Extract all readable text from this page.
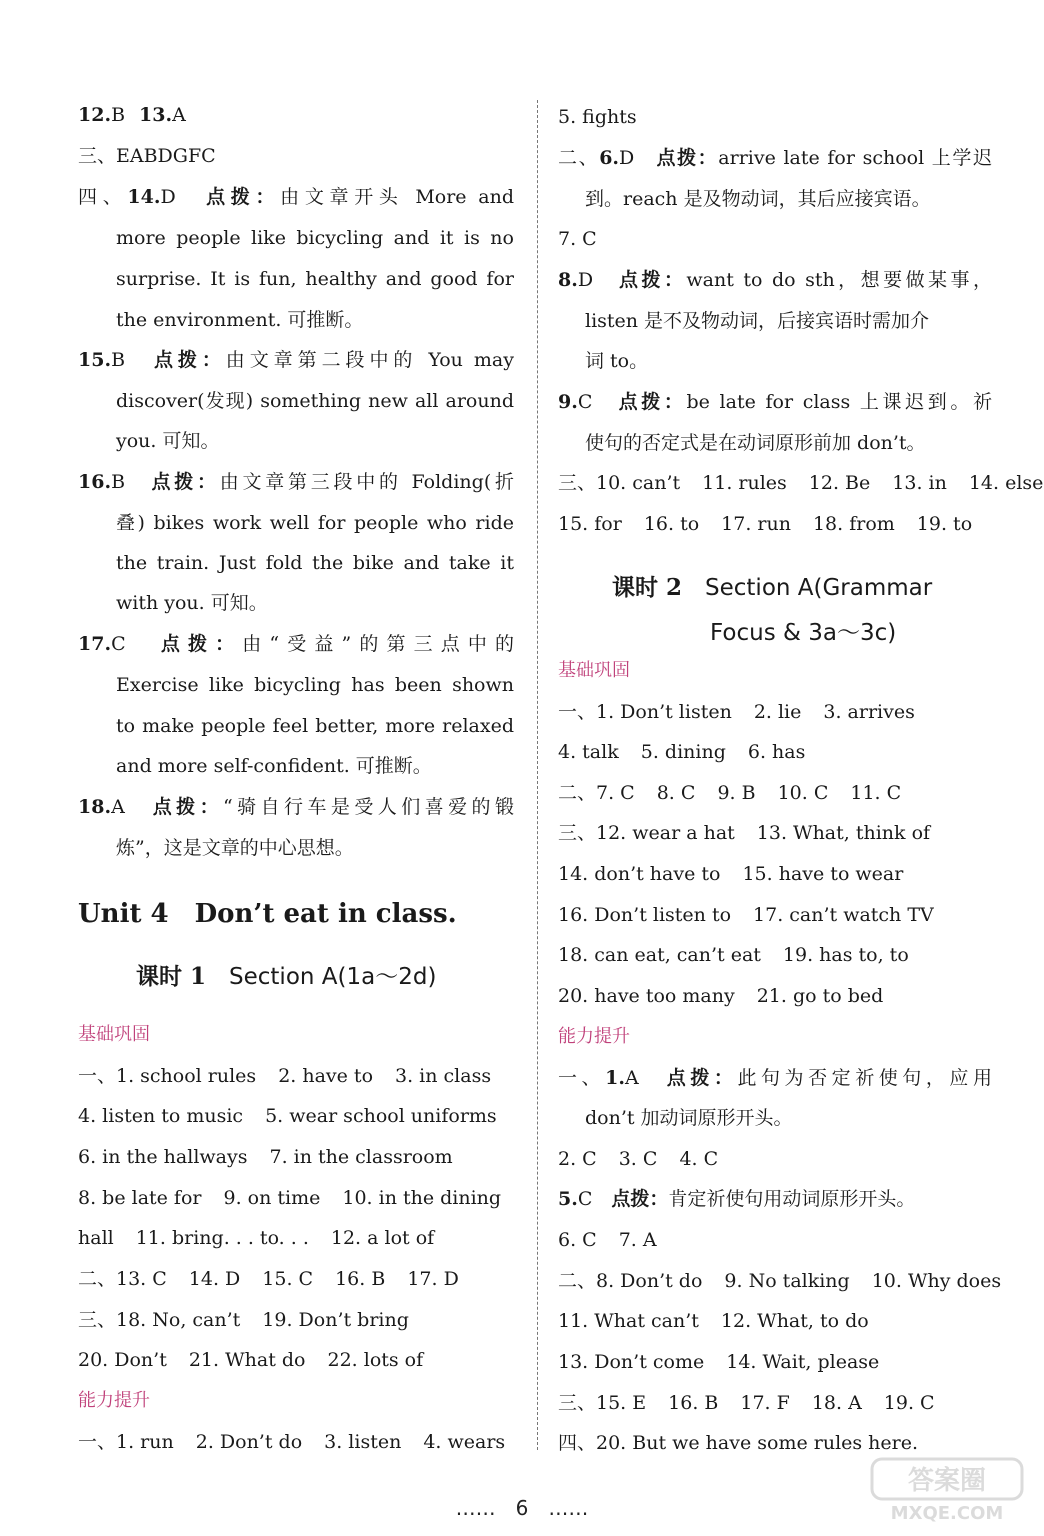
12.B 13.A
三、EABDGFC
四、14.D　 点拨：由文章开头 More and
more people like bicycling and it is no
surprise. It is fun, healthy and good for
the environment. 可推断。
15.B　 点拨：由文章第二段中的 You may
discover(发现) something new all around
you. 可知。
16.B　 点拨：由文章第三段中的 Folding(折
叠) bikes work well for people who ride
the train. Just fold the bike and take it
with you. 可知。
17.C　 点拨：由“受益”的第三点中的
Exercise like bicycling has been shown
to make people feel better, more relaxed
and more self-confident. 可推断。
18.A　 点拨：“骑自行车是受人们喜爱的锻
炼”，这是文章的中心思想。
Unit 4　Don’t eat in class.
课时 1　 Section A(1a～2d)
基础巩固
一、1. school rules 2. have to 3. in class
4. listen to music 5. wear school uniforms
6. in the hallways 7. in the classroom
8. be late for 9. on time 10. in the dining
hall 11. bring. . . to. . . 12. a lot of
二、13. C 14. D 15. C 16. B 17. D
三、18. No, can’t 19. Don’t bring
20. Don’t 21. What do 22. lots of
能力提升
一、1. run 2. Don’t do 3. listen 4. wears
5. fights
二、6.D　 点拨：arrive late for school 上学迟
到。reach 是及物动词，其后应接宾语。
7. C
8.D　 点拨：want to do sth，想要做某事，
listen 是不及物动词，后接宾语时需加介
词 to。
9.C　 点拨：be late for class 上课迟到。祈
使句的否定式是在动词原形前加 don’t。
三、10. can’t 11. rules 12. Be 13. in 14. else
15. for 16. to 17. run 18. from 19. to
课时 2　 Section A(Grammar
Focus & 3a～3c)
基础巩固
一、1. Don’t listen 2. lie 3. arrives
4. talk 5. dining 6. has
二、7. C 8. C 9. B 10. C 11. C
三、12. wear a hat 13. What, think of
14. don’t have to 15. have to wear
16. Don’t listen to 17. can’t watch TV
18. can eat, can’t eat 19. has to, to
20. have too many 21. go to bed
能力提升
一、1.A　 点拨：此句为否定祈使句，应用
don’t 加动词原形开头。
2. C 3. C 4. C
5.C　 点拨：肯定祈使句用动词原形开头。
6. C 7. A
二、8. Don’t do 9. No talking 10. Why does
11. What can’t 12. What, to do
13. Don’t come 14. Wait, please
三、15. E 16. B 17. F 18. A 19. C
四、20. But we have some rules here.
……　6　……
答案圈
MXQE.COM
